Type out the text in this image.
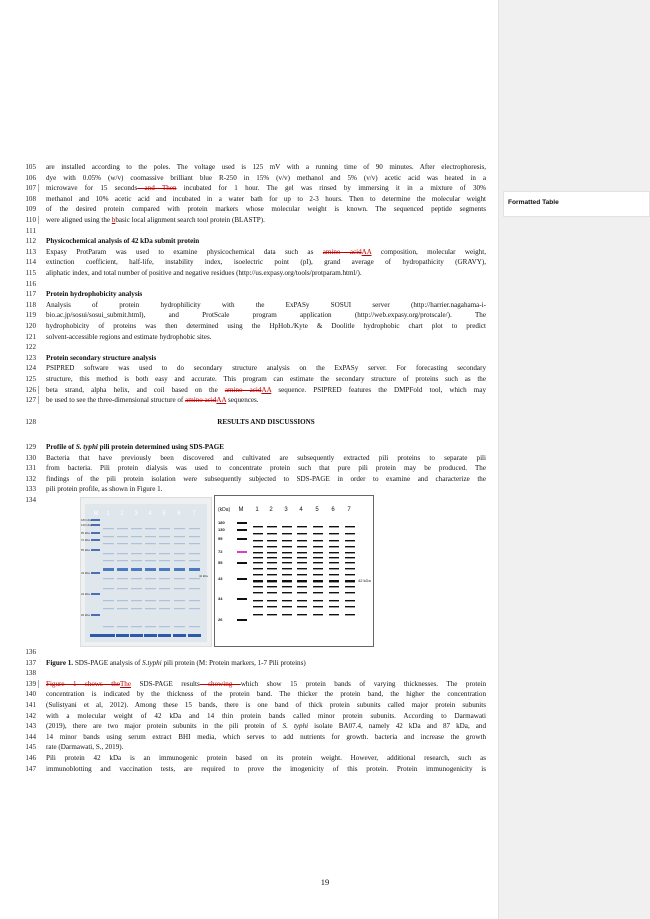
105 are installed according to the poles. The voltage used is 125 mV with a running time of 90 minutes. After electrophoresis,
106 dye with 0.05% (w/v) coomassive brilliant blue R-250 in 15% (v/v) methanol and 5% (v/v) acetic acid was heated in a
107 | microwave for 15 seconds and Then incubated for 1 hour. The gel was rinsed by immersing it in a mixture of 30%
108 methanol and 10% acetic acid and incubated in a water bath for up to 2-3 hours. Then to determine the molecular weight
109 of the desired protein compared with protein markers whose molecular weight is known. The sequenced peptide segments
110 | were aligned using the bbasic local alignment search tool protein (BLASTP).
111
112 Physicochemical analysis of 42 kDa submit protein
113 Expasy ProtParam was used to examine physicochemical data such as amino acidAA composition, molecular weight,
114 extinction coefficient, half-life, instability index, isoelectric point (pI), grand average of hydropathicity (GRAVY),
115 aliphatic index, and total number of positive and negative residues (http://us.expasy.org/tools/protparam.html/).
116
117 Protein hydrophobicity analysis
118 Analysis of protein hydrophilicity with the ExPASy SOSUI server (http://harrier.nagahama-i-
119 bio.ac.jp/sosui/sosui_submit.html), and ProtScale program application (http://web.expasy.org/protscale/). The
120 hydrophobicity of proteins was then determined using the HpHob./Kyte & Doolitle hydrophobic chart plot to predict
121 solvent-accessible regions and estimate hydrophobic sites.
122
123 Protein secondary structure analysis
124 PSIPRED software was used to do secondary structure analysis on the ExPASy server. For forecasting secondary
125 structure, this method is both easy and accurate. This program can estimate the secondary structure of proteins such as the
126 | beta strand, alpha helix, and coil based on the amino acidAA sequence. PSIPRED features the DMPFold tool, which may
127 | be used to see the three-dimensional structure of amino acidAA sequences.
128	RESULTS AND DISCUSSIONS
129 Profile of S. typhi pili protein determined using SDS-PAGE
130 Bacteria that have previously been discovered and cultivated are subsequently extracted pili proteins to separate pili
131 from bacteria. Pili protein dialysis was used to concentrate protein such that pure pili protein may be produced. The
132 findings of the pili protein isolation were subsequently subjected to SDS-PAGE in order to examine and characterize the
133 pili protein profile, as shown in Figure 1.
134
136
137 Figure 1. SDS-PAGE analysis of S.typhi pili protein (M: Protein markers, 1-7 Pili proteins)
138
139 | Figure 1 shows theThe SDS-PAGE results showing which show 15 protein bands of varying thicknesses. The protein
140 concentration is indicated by the thickness of the protein band. The thicker the protein band, the higher the concentration
141 (Sulistyani et al, 2012). Among these 15 bands, there is one band of thick protein subunits called major protein subunits
142 with a molecular weight of 42 kDa and 14 thin protein bands called minor protein subunits. According to Darmawati
143 (2019), there are two major protein subunits in the pili protein of S. typhi isolate BA07.4, namely 42 kDa and 87 kDa, and
144 14 minor bands using serum extract BHI media, which serves to add nutrients for growth. bacteria and increase the growth
145 rate (Darmawati, S., 2019).
146 Pili protein 42 kDa is an immunogenic protein based on its protein weight. However, additional research, such as
147 immunoblotting and vaccination tests, are required to prove the imogenicity of this protein. Protein immunogenicity is
M 1 2 3 4 5 6 7
180 kDa
130 kDa
95 kDa
72 kDa
55 kDa
43 kDa
34 kDa
26 kDa
42 kDa
(kDa) M 1 2 3 4 5 6 7
180
130
95
72
55
43
34
26
42 kDa
19
Formatted Table
